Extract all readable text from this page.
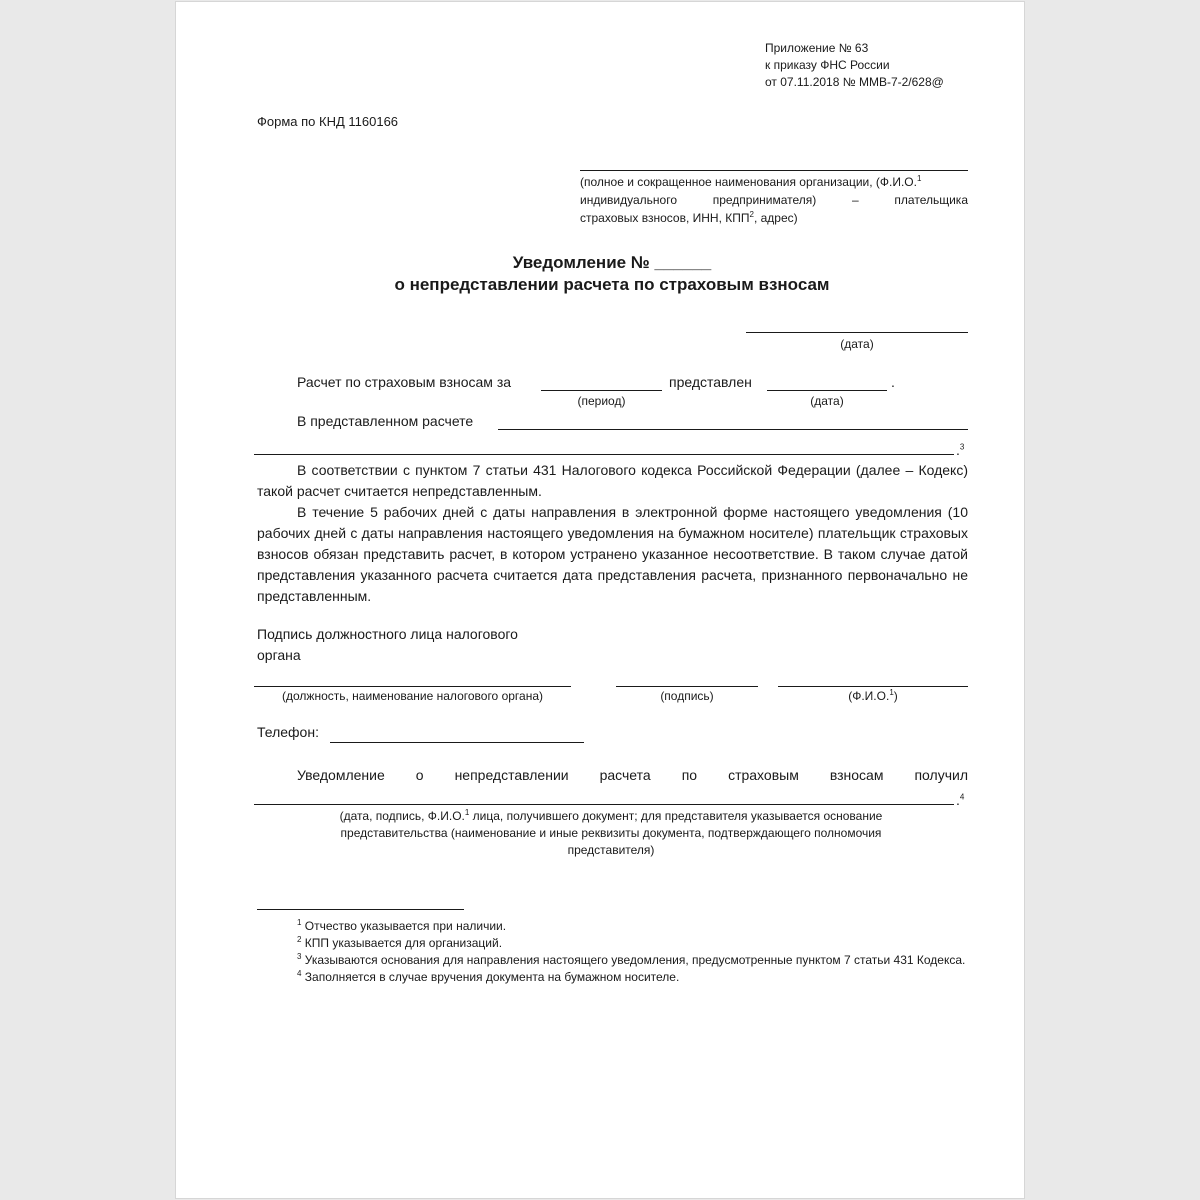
Приложение № 63
к приказу ФНС России
от 07.11.2018 № ММВ-7-2/628@
Форма по КНД 1160166
(полное и сокращенное наименования организации, (Ф.И.О.$^1$
индивидуального предпринимателя) – плательщика
страховых взносов, ИНН, КПП$^2$, адрес)
Уведомление № ______
о непредставлении расчета по страховым взносам
(дата)
Расчет по страховым взносам за
(период)
представлен
(дата)
.
В представленном расчете
.$^3$
В соответствии с пунктом 7 статьи 431 Налогового кодекса Российской Федерации (далее – Кодекс) такой расчет считается непредставленным.
В течение 5 рабочих дней с даты направления в электронной форме настоящего уведомления (10 рабочих дней с даты направления настоящего уведомления на бумажном носителе) плательщик страховых взносов обязан представить расчет, в котором устранено указанное несоответствие. В таком случае датой представления указанного расчета считается дата представления расчета, признанного первоначально не представленным.
Подпись должностного лица налогового
органа
(должность, наименование налогового органа)	(подпись)	(Ф.И.О.$^1$)
Телефон:
Уведомление о непредставлении расчета по страховым взносам получил
.$^4$
(дата, подпись, Ф.И.О.$^1$ лица, получившего документ; для представителя указывается основание
представительства (наименование и иные реквизиты документа, подтверждающего полномочия
представителя)
$^1$ Отчество указывается при наличии.
$^2$ КПП указывается для организаций.
$^3$ Указываются основания для направления настоящего уведомления, предусмотренные пунктом 7 статьи 431 Кодекса.
$^4$ Заполняется в случае вручения документа на бумажном носителе.
